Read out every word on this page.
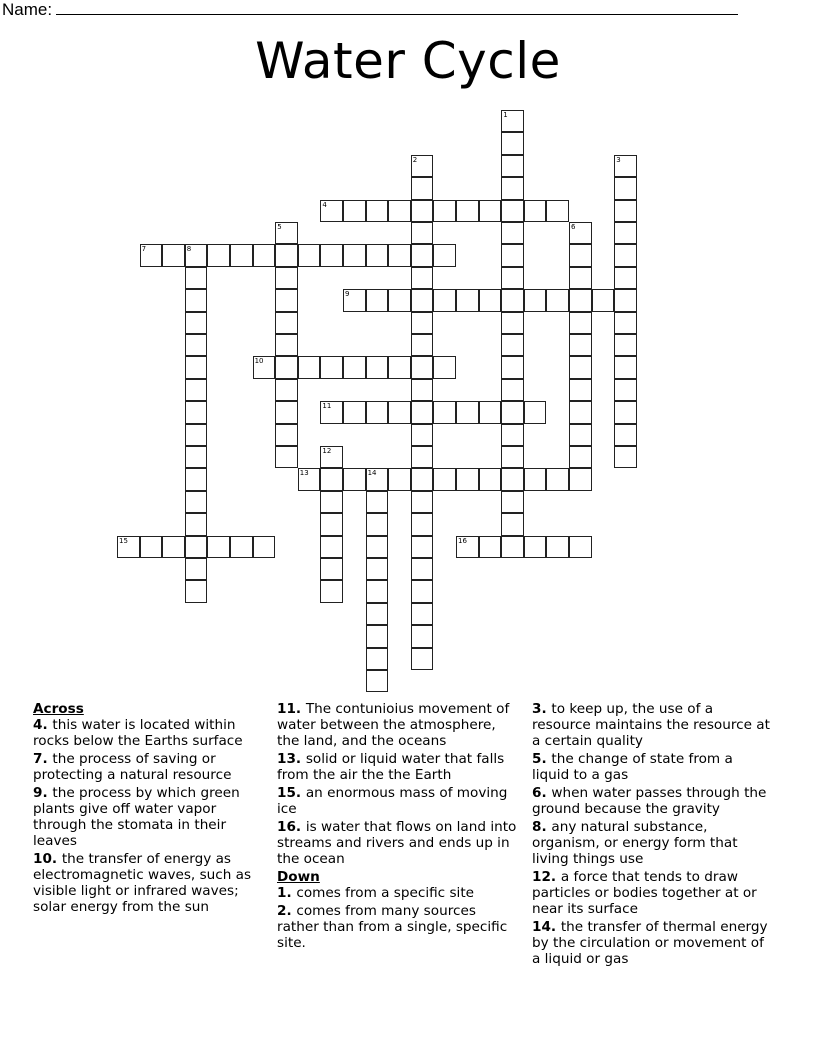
Name:
Water Cycle
4
7	8
9
10
11
13	14
15	16
1
2	3
5	6
12
Across
4. this water is located within rocks below the Earths surface
7. the process of saving or protecting a natural resource
9. the process by which green plants give off water vapor through the stomata in their leaves
10. the transfer of energy as electromagnetic waves, such as visible light or infrared waves; solar energy from the sun
11. The contunioius movement of water between the atmosphere, the land, and the oceans
13. solid or liquid water that falls from the air the the Earth
15. an enormous mass of moving ice
16. is water that flows on land into streams and rivers and ends up in the ocean
Down
1. comes from a specific site
2. comes from many sources rather than from a single, specific site.
3. to keep up, the use of a resource maintains the resource at a certain quality
5. the change of state from a liquid to a gas
6. when water passes through the ground because the gravity
8. any natural substance, organism, or energy form that living things use
12. a force that tends to draw particles or bodies together at or near its surface
14. the transfer of thermal energy by the circulation or movement of a liquid or gas
